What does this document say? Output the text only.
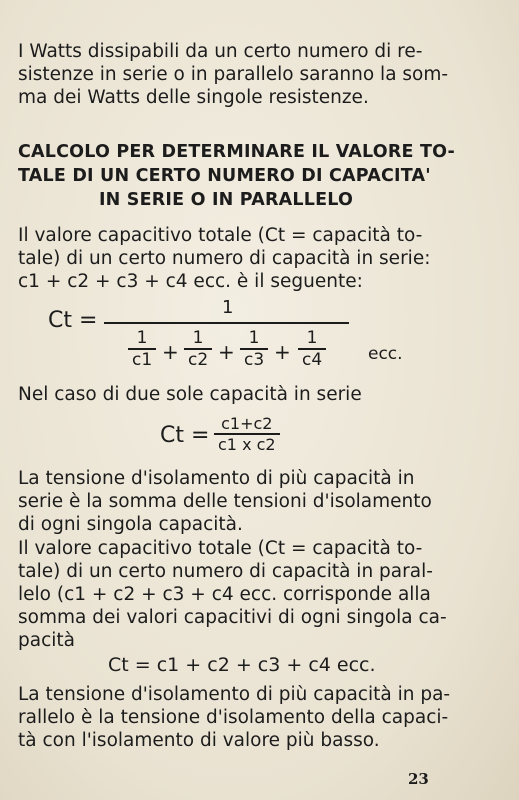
I Watts dissipabili da un certo numero di re-
sistenze in serie o in parallelo saranno la som-
ma dei Watts delle singole resistenze.

CALCOLO PER DETERMINARE IL VALORE TO-
TALE DI UN CERTO NUMERO DI CAPACITA'
IN SERIE O IN PARALLELO

Il valore capacitivo totale (Ct = capacità to-
tale) di un certo numero di capacità in serie:
c1 + c2 + c3 + c4 ecc. è il seguente:

Ct =
1
$\frac{1}{c1} + \frac{1}{c2} + \frac{1}{c3} + \frac{1}{c4}$ ecc.

Nel caso di due sole capacità in serie

$Ct = \frac{c1+c2}{\text{c1 x c2}}$

La tensione d'isolamento di più capacità in
serie è la somma delle tensioni d'isolamento
di ogni singola capacità.

Il valore capacitivo totale (Ct = capacità to-
tale) di un certo numero di capacità in paral-
lelo (c1 + c2 + c3 + c4 ecc. corrisponde alla
somma dei valori capacitivi di ogni singola ca-
pacità

Ct = c1 + c2 + c3 + c4 ecc.

La tensione d'isolamento di più capacità in pa-
rallelo è la tensione d'isolamento della capaci-
tà con l'isolamento di valore più basso.

23
